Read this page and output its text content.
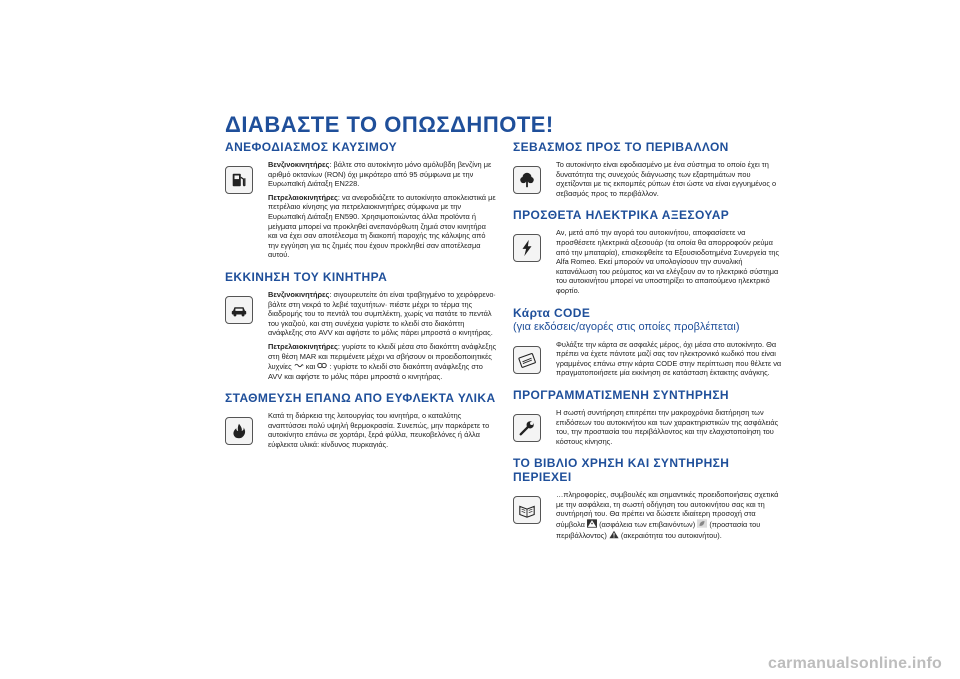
ΔΙΑΒΑΣΤΕ ΤΟ ΟΠΩΣΔΗΠΟΤΕ!
ΑΝΕΦΟΔΙΑΣΜΟΣ ΚΑΥΣΙΜΟΥ

Βενζινοκινητήρες: βάλτε στο αυτοκίνητο μόνο αμόλυβδη βενζίνη με αριθμό οκτανίων (RON) όχι μικρότερο από 95 σύμφωνα με την Ευρωπαϊκή Διάταξη EN228.

Πετρελαιοκινητήρες: να ανεφοδιάζετε το αυτοκίνητο αποκλειστικά με πετρέλαιο κίνησης για πετρελαιοκινητήρες σύμφωνα με την Ευρωπαϊκή Διάταξη EN590. Χρησιμοποιώντας άλλα προϊόντα ή μείγματα μπορεί να προκληθεί ανεπανόρθωτη ζημιά στον κινητήρα και να έχει σαν αποτέλεσμα τη διακοπή παροχής της κάλυψης από την εγγύηση για τις ζημιές που έχουν προκληθεί σαν αποτέλεσμα αυτού.

ΕΚΚΙΝΗΣΗ ΤΟΥ ΚΙΝΗΤΗΡΑ

Βενζινοκινητήρες: σιγουρευτείτε ότι είναι τραβηγμένο το χειρόφρενο· βάλτε στη νεκρά το λεβιέ ταχυτήτων· πιέστε μέχρι το τέρμα της διαδρομής του το πεντάλ του συμπλέκτη, χωρίς να πατάτε το πεντάλ του γκαζιού, και στη συνέχεια γυρίστε το κλειδί στο διακόπτη ανάφλεξης στο AVV και αφήστε το μόλις πάρει μπροστά ο κινητήρας.

Πετρελαιοκινητήρες: γυρίστε το κλειδί μέσα στο διακόπτη ανάφλεξης στη θέση MAR και περιμένετε μέχρι να σβήσουν οι προειδοποιητικές λυχνίες και : γυρίστε το κλειδί στο διακόπτη ανάφλεξης στο AVV και αφήστε το μόλις πάρει μπροστά ο κινητήρας.

ΣΤΑΘΜΕΥΣΗ ΕΠΑΝΩ ΑΠΟ ΕΥΦΛΕΚΤΑ ΥΛΙΚΑ

Κατά τη διάρκεια της λειτουργίας του κινητήρα, ο καταλύτης αναπτύσσει πολύ υψηλή θερμοκρασία. Συνεπώς, μην παρκάρετε το αυτοκίνητο επάνω σε χορτάρι, ξερά φύλλα, πευκοβελόνες ή άλλα εύφλεκτα υλικά: κίνδυνος πυρκαγιάς.

ΣΕΒΑΣΜΟΣ ΠΡΟΣ ΤΟ ΠΕΡΙΒΑΛΛΟΝ

Το αυτοκίνητο είναι εφοδιασμένο με ένα σύστημα το οποίο έχει τη δυνατότητα της συνεχούς διάγνωσης των εξαρτημάτων που σχετίζονται με τις εκπομπές ρύπων έτσι ώστε να είναι εγγυημένος ο σεβασμός προς το περιβάλλον.

ΠΡΟΣΘΕΤΑ ΗΛΕΚΤΡΙΚΑ ΑΞΕΣΟΥΑΡ

Αν, μετά από την αγορά του αυτοκινήτου, αποφασίσετε να προσθέσετε ηλεκτρικά αξεσουάρ (τα οποία θα απορροφούν ρεύμα από την μπαταρία), επισκεφθείτε τα Εξουσιοδοτημένα Συνεργεία της Alfa Romeo. Εκεί μπορούν να υπολογίσουν την συνολική κατανάλωση του ρεύματος και να ελέγξουν αν το ηλεκτρικό σύστημα του αυτοκινήτου μπορεί να υποστηρίξει το απαιτούμενο ηλεκτρικό φορτίο.

Κάρτα CODE
(για εκδόσεις/αγορές στις οποίες προβλέπεται)

Φυλάξτε την κάρτα σε ασφαλές μέρος, όχι μέσα στο αυτοκίνητο. Θα πρέπει να έχετε πάντοτε μαζί σας τον ηλεκτρονικό κωδικό που είναι γραμμένος επάνω στην κάρτα CODE στην περίπτωση που θέλετε να πραγματοποιήσετε μία εκκίνηση σε κατάσταση έκτακτης ανάγκης.

ΠΡΟΓΡΑΜΜΑΤΙΣΜΕΝΗ ΣΥΝΤΗΡΗΣΗ

Η σωστή συντήρηση επιτρέπει την μακροχρόνια διατήρηση των επιδόσεων του αυτοκινήτου και των χαρακτηριστικών της ασφάλειάς του, την προστασία του περιβάλλοντος και την ελαχιστοποίηση του κόστους κίνησης.

ΤΟ ΒΙΒΛΙΟ ΧΡΗΣΗ ΚΑΙ ΣΥΝΤΗΡΗΣΗ ΠΕΡΙΕΧΕΙ

…πληροφορίες, συμβουλές και σημαντικές προειδοποιήσεις σχετικά με την ασφάλεια, τη σωστή οδήγηση του αυτοκινήτου σας και τη συντήρησή του. Θα πρέπει να δώσετε ιδιαίτερη προσοχή στα σύμβολα (ασφάλεια των επιβαινόντων) (προστασία του περιβάλλοντος) (ακεραιότητα του αυτοκινήτου).

carmanualsonline.info
